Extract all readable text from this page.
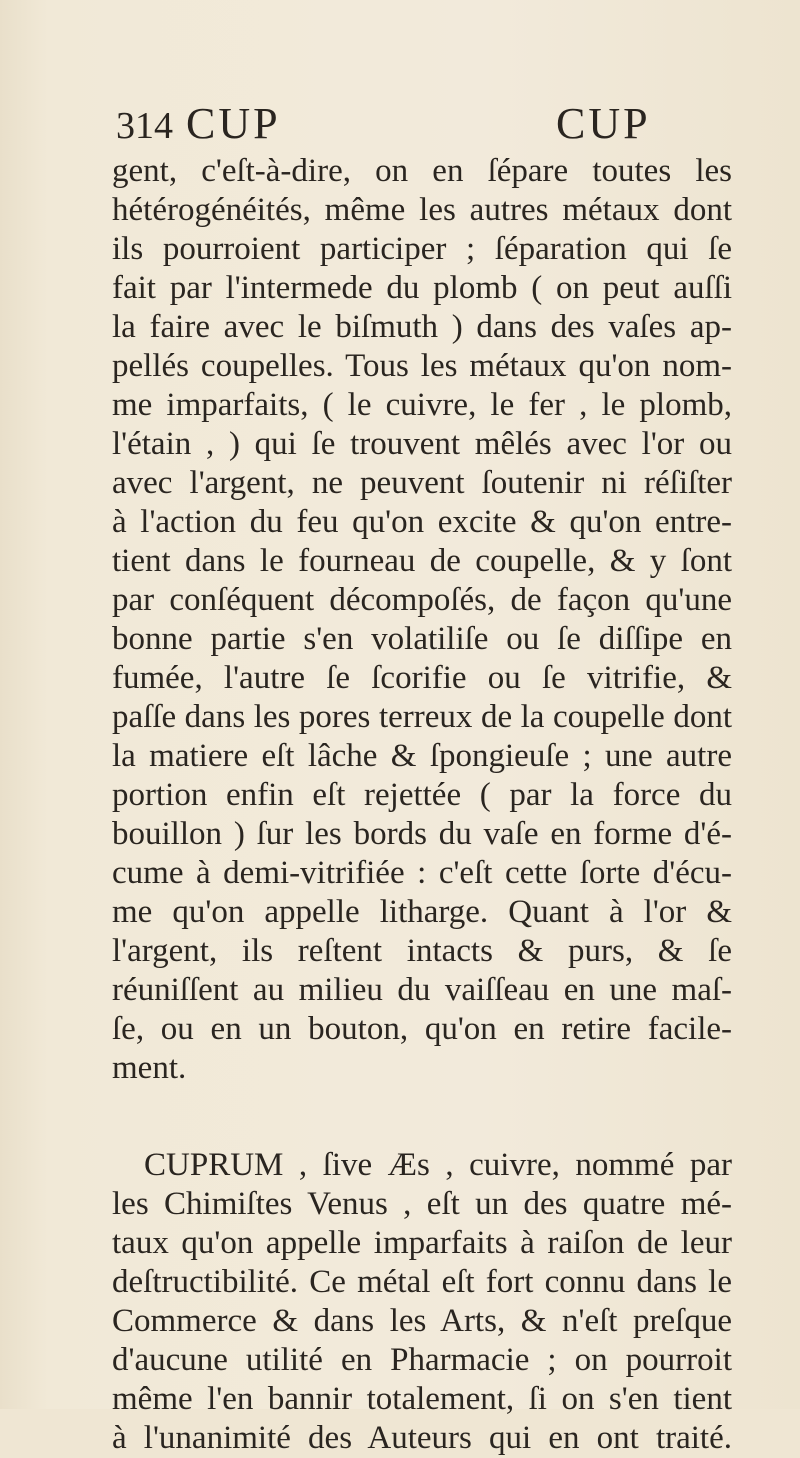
314 CUP	CUP
gent, c'eſt-à-dire, on en ſépare toutes les
hétérogénéités, même les autres métaux dont
ils pourroient participer ; ſéparation qui ſe
fait par l'intermede du plomb ( on peut auſſi
la faire avec le biſmuth ) dans des vaſes ap-
pellés coupelles. Tous les métaux qu'on nom-
me imparfaits, ( le cuivre, le fer , le plomb,
l'étain , ) qui ſe trouvent mêlés avec l'or ou
avec l'argent, ne peuvent ſoutenir ni réſiſter
à l'action du feu qu'on excite & qu'on entre-
tient dans le fourneau de coupelle, & y ſont
par conſéquent décompoſés, de façon qu'une
bonne partie s'en volatiliſe ou ſe diſſipe en
fumée, l'autre ſe ſcorifie ou ſe vitrifie, &
paſſe dans les pores terreux de la coupelle dont
la matiere eſt lâche & ſpongieuſe ; une autre
portion enfin eſt rejettée ( par la force du
bouillon ) ſur les bords du vaſe en forme d'é-
cume à demi-vitrifiée : c'eſt cette ſorte d'écu-
me qu'on appelle litharge. Quant à l'or &
l'argent, ils reſtent intacts & purs, & ſe
réuniſſent au milieu du vaiſſeau en une maſ-
ſe, ou en un bouton, qu'on en retire facile-
ment.
CUPRUM , ſive Æs , cuivre, nommé par
les Chimiſtes Venus , eſt un des quatre mé-
taux qu'on appelle imparfaits à raiſon de leur
deſtructibilité. Ce métal eſt fort connu dans le
Commerce & dans les Arts, & n'eſt preſque
d'aucune utilité en Pharmacie ; on pourroit
même l'en bannir totalement, ſi on s'en tient
à l'unanimité des Auteurs qui en ont traité.
